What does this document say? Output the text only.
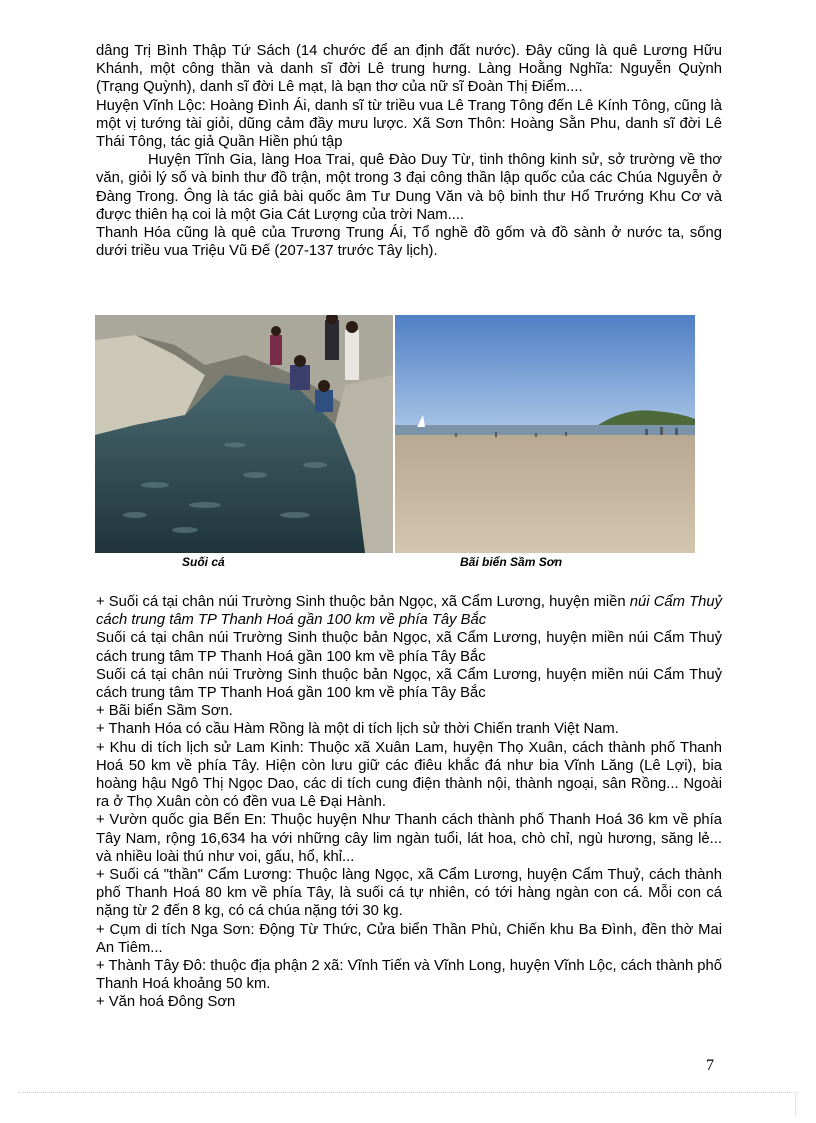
dâng Trị Bình Thập Tứ Sách (14 chước để an định đất nước). Đây cũng là quê Lương Hữu Khánh, một công thần và danh sĩ đời Lê trung hưng. Làng Hoằng Nghĩa: Nguyễn Quỳnh (Trạng Quỳnh), danh sĩ đời Lê mạt, là bạn thơ của nữ sĩ Đoàn Thị Điểm....

Huyện Vĩnh Lộc: Hoàng Đình Ái, danh sĩ từ triều vua Lê Trang Tông đến Lê Kính Tông, cũng là một vị tướng tài giỏi, dũng cảm đầy mưu lược. Xã Sơn Thôn: Hoàng Sằn Phu, danh sĩ đời Lê Thái Tông, tác giả Quần Hiền phú tập

Huyện Tĩnh Gia, làng Hoa Trai, quê Đào Duy Từ, tinh thông kinh sử, sở trường về thơ văn, giỏi lý số và binh thư đồ trận, một trong 3 đại công thần lập quốc của các Chúa Nguyễn ở Đàng Trong. Ông là tác giả bài quốc âm Tư Dung Văn và bộ binh thư Hổ Trướng Khu Cơ và được thiên hạ coi là một Gia Cát Lượng của trời Nam....

Thanh Hóa cũng là quê của Trương Trung Ái, Tổ nghề đồ gốm và đồ sành ở nước ta, sống dưới triều vua Triệu Vũ Đế (207-137 trước Tây lịch).

Suối cá	Bãi biển Sầm Sơn

+ Suối cá tại chân núi Trường Sinh thuộc bản Ngọc, xã Cẩm Lương, huyện miền núi Cẩm Thuỷ cách trung tâm TP Thanh Hoá gần 100 km về phía Tây Bắc

Suối cá tại chân núi Trường Sinh thuộc bản Ngọc, xã Cẩm Lương, huyện miền núi Cẩm Thuỷ cách trung tâm TP Thanh Hoá gần 100 km về phía Tây Bắc

Suối cá tại chân núi Trường Sinh thuộc bản Ngọc, xã Cẩm Lương, huyện miền núi Cẩm Thuỷ cách trung tâm TP Thanh Hoá gần 100 km về phía Tây Bắc

+ Bãi biển Sầm Sơn.

+ Thanh Hóa có cầu Hàm Rồng là một di tích lịch sử thời Chiến tranh Việt Nam.

+ Khu di tích lịch sử Lam Kinh: Thuộc xã Xuân Lam, huyện Thọ Xuân, cách thành phố Thanh Hoá 50 km về phía Tây. Hiện còn lưu giữ các điêu khắc đá như bia Vĩnh Lăng (Lê Lợi), bia hoàng hậu Ngô Thị Ngọc Dao, các di tích cung điện thành nội, thành ngoại, sân Rồng... Ngoài ra ở Thọ Xuân còn có đền vua Lê Đại Hành.

+ Vườn quốc gia Bến En: Thuộc huyện Như Thanh cách thành phố Thanh Hoá 36 km về phía Tây Nam, rộng 16,634 ha với những cây lim ngàn tuổi, lát hoa, chò chỉ, ngù hương, săng lẻ... và nhiều loài thú như voi, gấu, hổ, khỉ...

+ Suối cá "thần" Cẩm Lương: Thuộc làng Ngọc, xã Cẩm Lương, huyện Cẩm Thuỷ, cách thành phố Thanh Hoá 80 km về phía Tây, là suối cá tự nhiên, có tới hàng ngàn con cá. Mỗi con cá nặng từ 2 đến 8 kg, có cá chúa nặng tới 30 kg.

+ Cụm di tích Nga Sơn: Động Từ Thức, Cửa biển Thần Phù, Chiến khu Ba Đình, đền thờ Mai An Tiêm...

+ Thành Tây Đô: thuộc địa phận 2 xã: Vĩnh Tiến và Vĩnh Long, huyện Vĩnh Lộc, cách thành phố Thanh Hoá khoảng 50 km.

+ Văn hoá Đông Sơn

7
